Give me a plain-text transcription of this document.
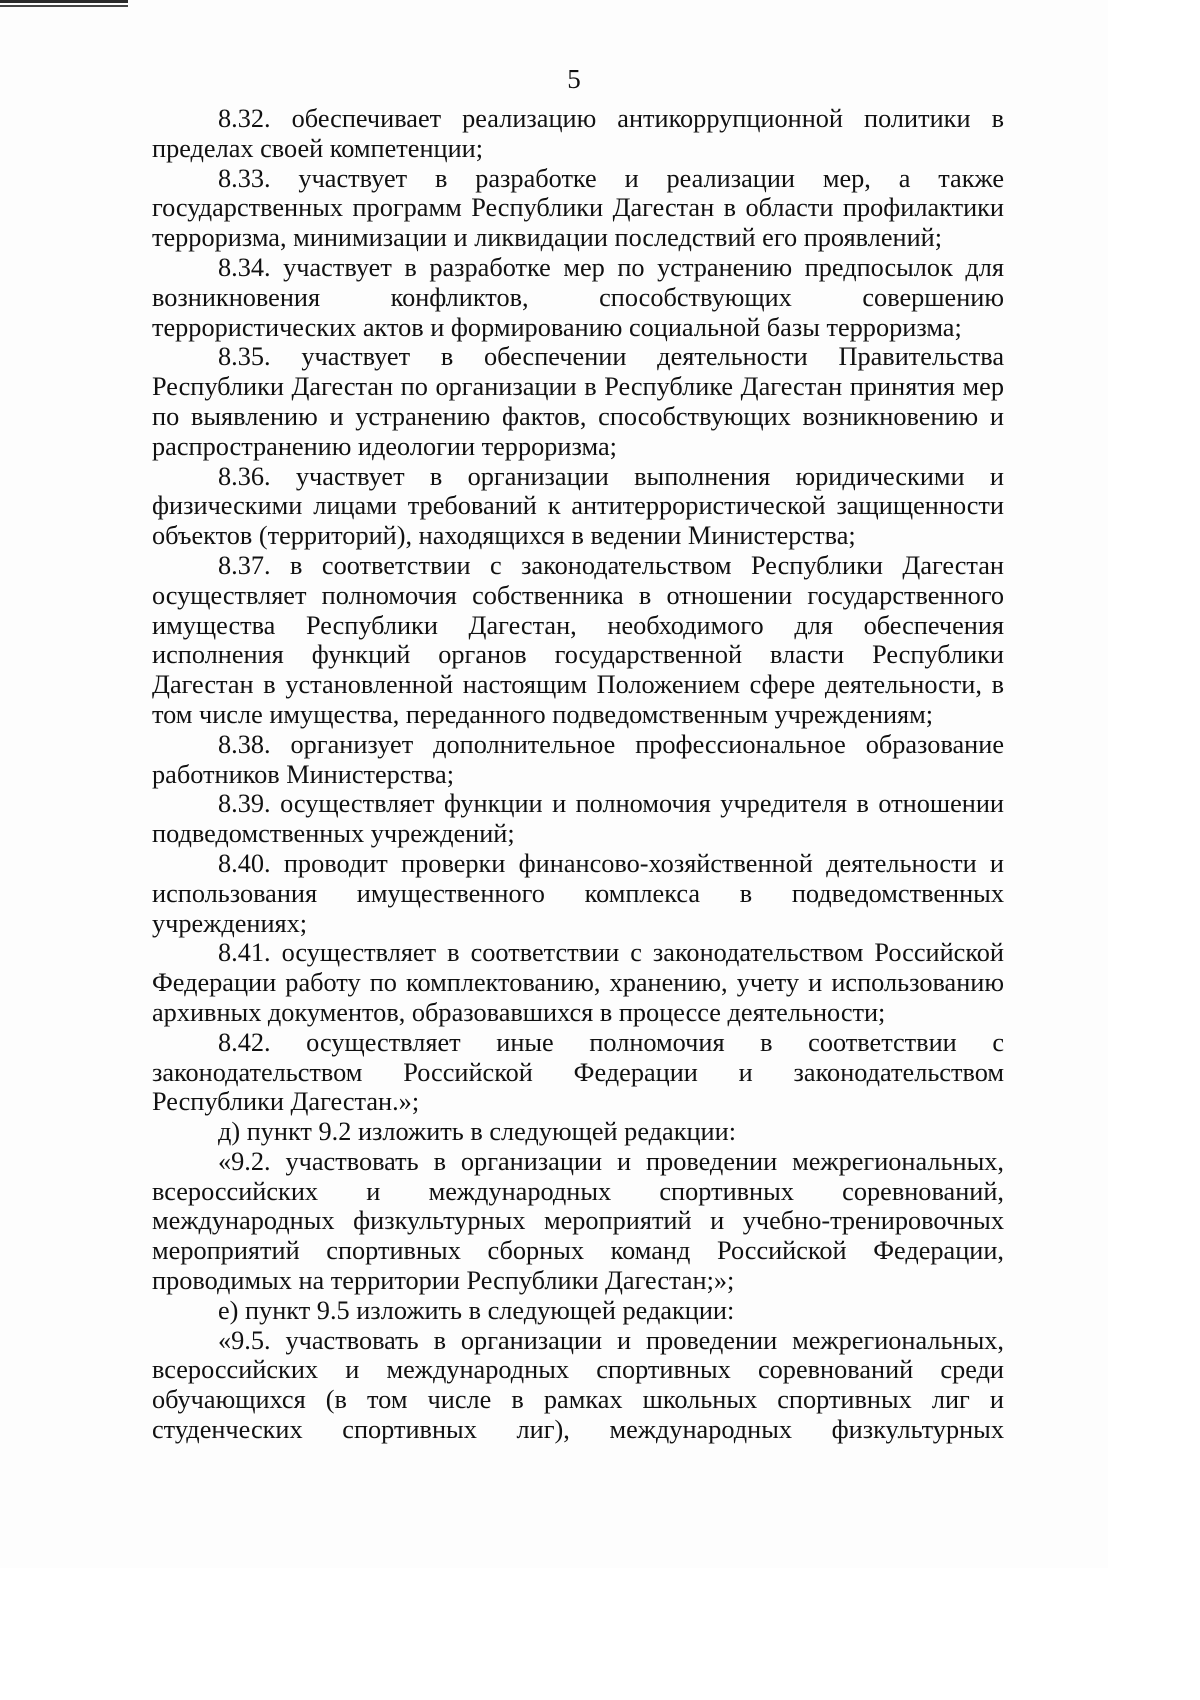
5

8.32. обеспечивает реализацию антикоррупционной политики в пределах своей компетенции;

8.33. участвует в разработке и реализации мер, а также государственных программ Республики Дагестан в области профилактики терроризма, минимизации и ликвидации последствий его проявлений;

8.34. участвует в разработке мер по устранению предпосылок для возникновения конфликтов, способствующих совершению террористических актов и формированию социальной базы терроризма;

8.35. участвует в обеспечении деятельности Правительства Республики Дагестан по организации в Республике Дагестан принятия мер по выявлению и устранению фактов, способствующих возникновению и распространению идеологии терроризма;

8.36. участвует в организации выполнения юридическими и физическими лицами требований к антитеррористической защищенности объектов (территорий), находящихся в ведении Министерства;

8.37. в соответствии с законодательством Республики Дагестан осуществляет полномочия собственника в отношении государственного имущества Республики Дагестан, необходимого для обеспечения исполнения функций органов государственной власти Республики Дагестан в установленной настоящим Положением сфере деятельности, в том числе имущества, переданного подведомственным учреждениям;

8.38. организует дополнительное профессиональное образование работников Министерства;

8.39. осуществляет функции и полномочия учредителя в отношении подведомственных учреждений;

8.40. проводит проверки финансово-хозяйственной деятельности и использования имущественного комплекса в подведомственных учреждениях;

8.41. осуществляет в соответствии с законодательством Российской Федерации работу по комплектованию, хранению, учету и использованию архивных документов, образовавшихся в процессе деятельности;

8.42. осуществляет иные полномочия в соответствии с законодательством Российской Федерации и законодательством Республики Дагестан.»;

д) пункт 9.2 изложить в следующей редакции:

«9.2. участвовать в организации и проведении межрегиональных, всероссийских и международных спортивных соревнований, международных физкультурных мероприятий и учебно-тренировочных мероприятий спортивных сборных команд Российской Федерации, проводимых на территории Республики Дагестан;»;

е) пункт 9.5 изложить в следующей редакции:

«9.5. участвовать в организации и проведении межрегиональных, всероссийских и международных спортивных соревнований среди обучающихся (в том числе в рамках школьных спортивных лиг и студенческих спортивных лиг), международных физкультурных
